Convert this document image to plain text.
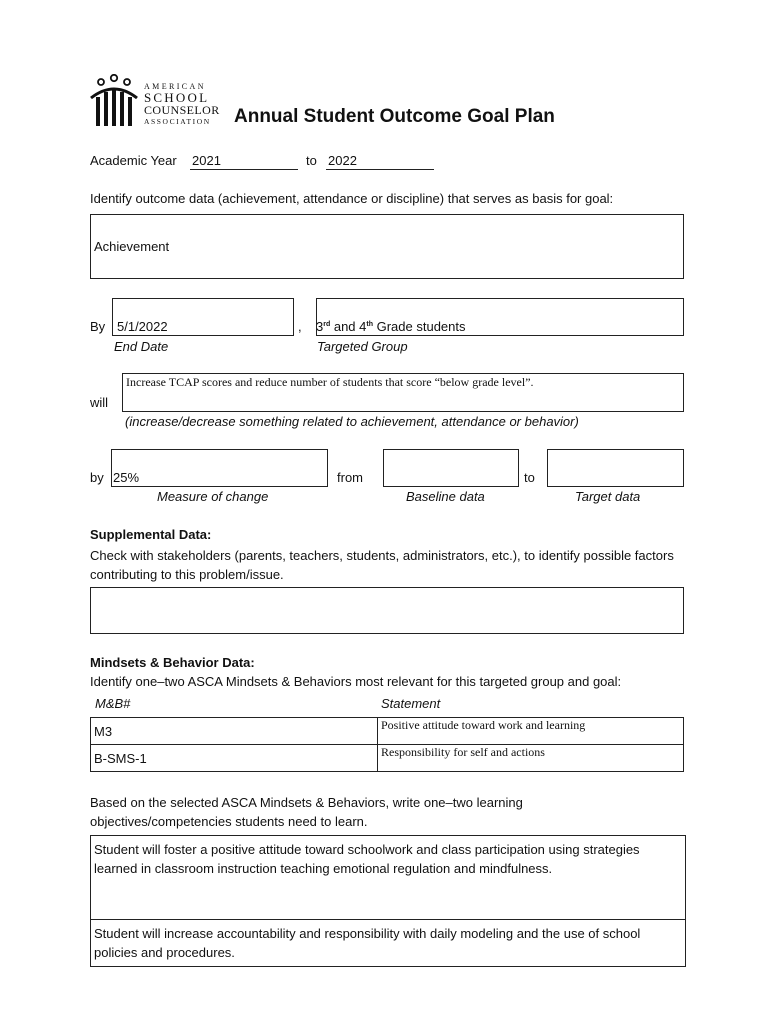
AMERICAN
SCHOOL
COUNSELOR
ASSOCIATION Annual Student Outcome Goal Plan
Academic Year 2021	to 2022
Identify outcome data (achievement, attendance or discipline) that serves as basis for goal:
Achievement
By 5/1/2022
End Date
, 3rd and 4th Grade students
Targeted Group
will
Increase TCAP scores and reduce number of students that score “below grade level”.
(increase/decrease something related to achievement, attendance or behavior)
by 25%
Measure of change
from
Baseline data
to
Target data
Supplemental Data:
Check with stakeholders (parents, teachers, students, administrators, etc.), to identify possible factors contributing to this problem/issue.
Mindsets & Behavior Data:
Identify one–two ASCA Mindsets & Behaviors most relevant for this targeted group and goal:
M&B#	Statement
M3	Positive attitude toward work and learning
B-SMS-1	Responsibility for self and actions
Based on the selected ASCA Mindsets & Behaviors, write one–two learning objectives/competencies students need to learn.
Student will foster a positive attitude toward schoolwork and class participation using strategies learned in classroom instruction teaching emotional regulation and mindfulness.
Student will increase accountability and responsibility with daily modeling and the use of school policies and procedures.
